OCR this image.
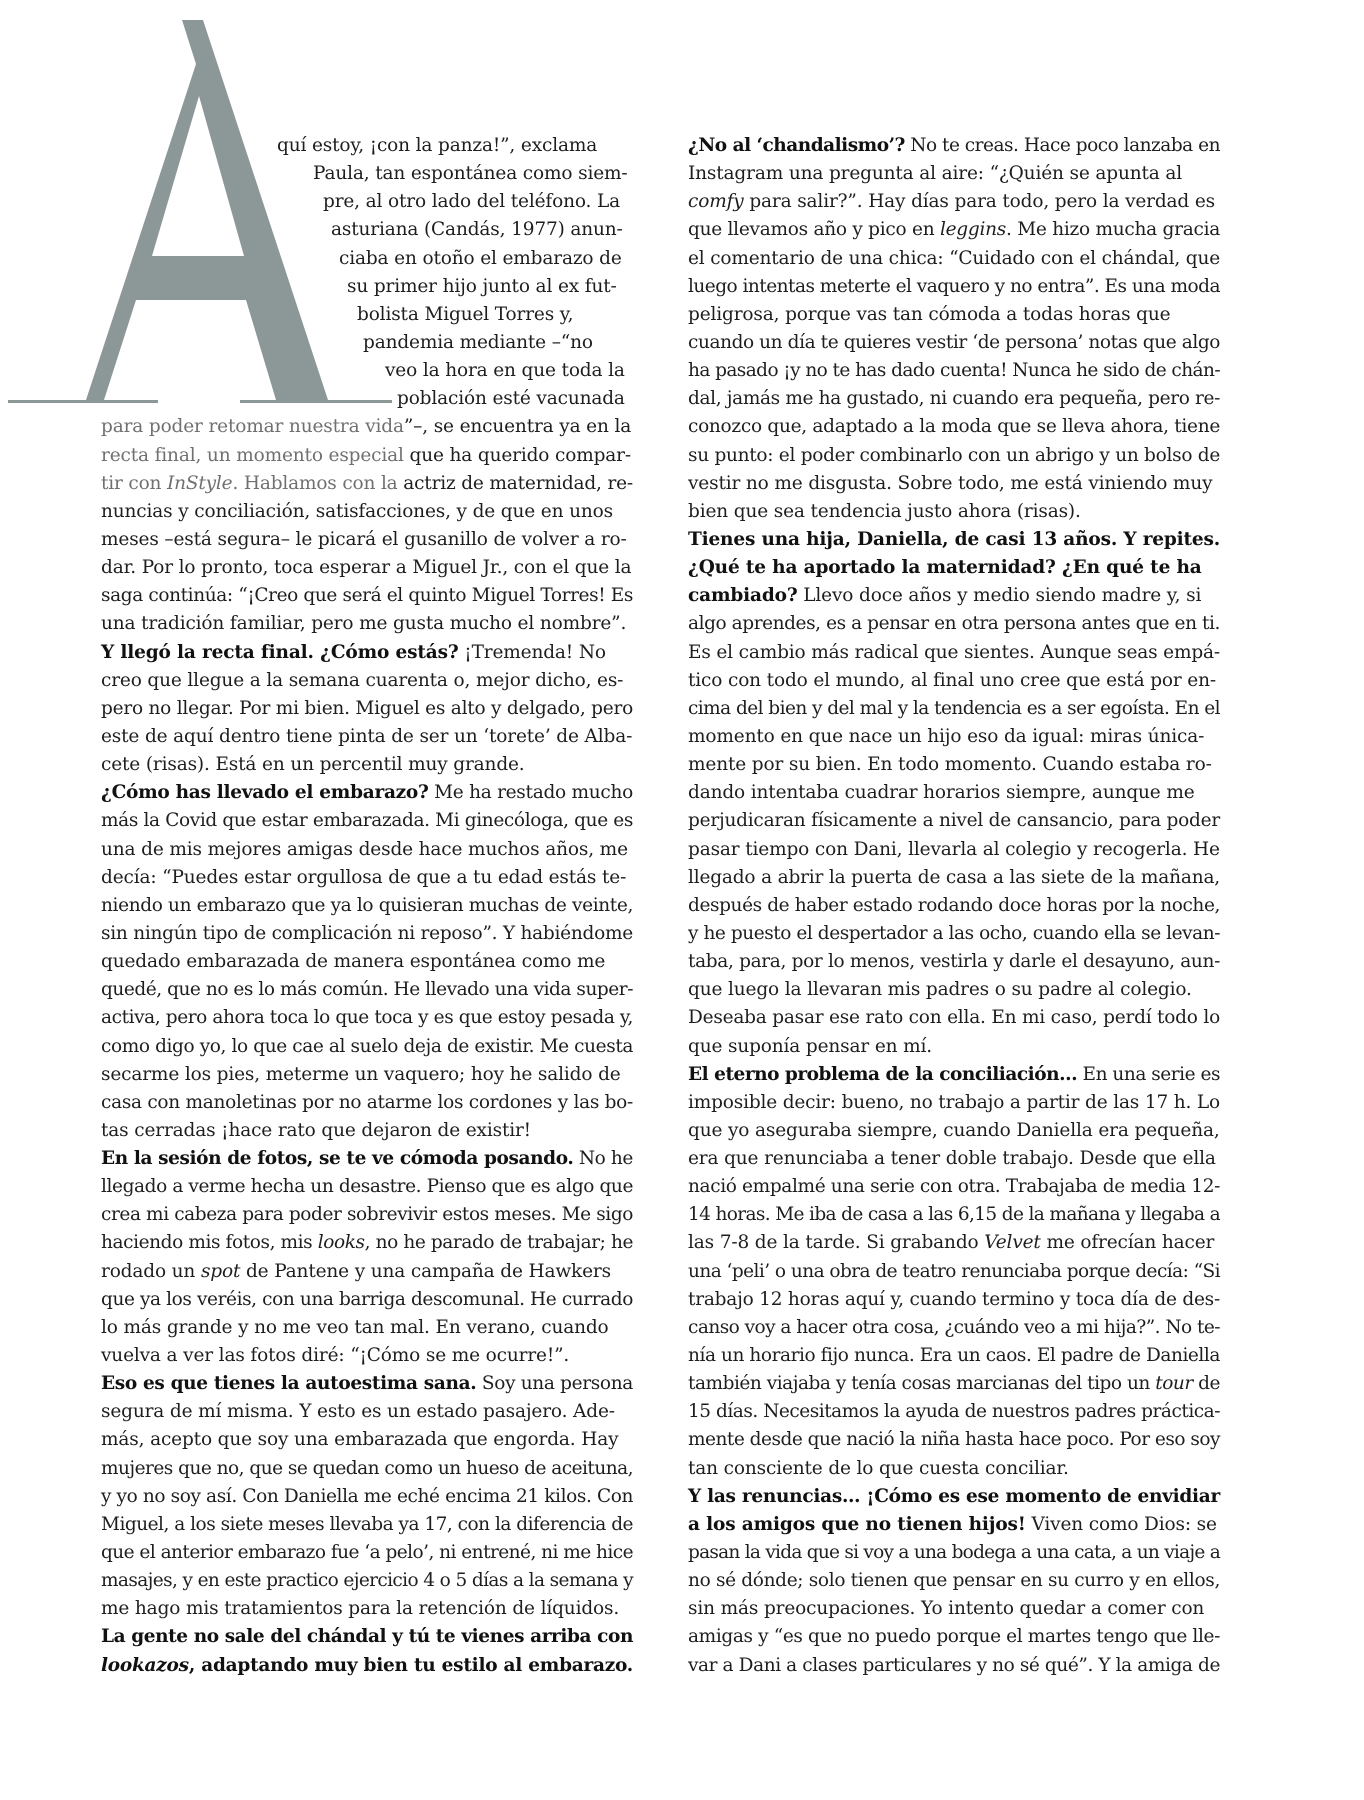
quí estoy, ¡con la panza!”, exclama
Paula, tan espontánea como siem-
pre, al otro lado del teléfono. La
asturiana (Candás, 1977) anun-
ciaba en otoño el embarazo de
su primer hijo junto al ex fut-
bolista Miguel Torres y,
pandemia mediante –“no
veo la hora en que toda la
población esté vacunada
para poder retomar nuestra vida”–, se encuentra ya en la
recta final, un momento especial que ha querido compar-
tir con InStyle. Hablamos con la actriz de maternidad, re-
nuncias y conciliación, satisfacciones, y de que en unos
meses –está segura– le picará el gusanillo de volver a ro-
dar. Por lo pronto, toca esperar a Miguel Jr., con el que la
saga continúa: “¡Creo que será el quinto Miguel Torres! Es
una tradición familiar, pero me gusta mucho el nombre”.
Y llegó la recta final. ¿Cómo estás? ¡Tremenda! No
creo que llegue a la semana cuarenta o, mejor dicho, es-
pero no llegar. Por mi bien. Miguel es alto y delgado, pero
este de aquí dentro tiene pinta de ser un ‘torete’ de Alba-
cete (risas). Está en un percentil muy grande.
¿Cómo has llevado el embarazo? Me ha restado mucho
más la Covid que estar embarazada. Mi ginecóloga, que es
una de mis mejores amigas desde hace muchos años, me
decía: “Puedes estar orgullosa de que a tu edad estás te-
niendo un embarazo que ya lo quisieran muchas de veinte,
sin ningún tipo de complicación ni reposo”. Y habiéndome
quedado embarazada de manera espontánea como me
quedé, que no es lo más común. He llevado una vida super-
activa, pero ahora toca lo que toca y es que estoy pesada y,
como digo yo, lo que cae al suelo deja de existir. Me cuesta
secarme los pies, meterme un vaquero; hoy he salido de
casa con manoletinas por no atarme los cordones y las bo-
tas cerradas ¡hace rato que dejaron de existir!
En la sesión de fotos, se te ve cómoda posando. No he
llegado a verme hecha un desastre. Pienso que es algo que
crea mi cabeza para poder sobrevivir estos meses. Me sigo
haciendo mis fotos, mis looks, no he parado de trabajar; he
rodado un spot de Pantene y una campaña de Hawkers
que ya los veréis, con una barriga descomunal. He currado
lo más grande y no me veo tan mal. En verano, cuando
vuelva a ver las fotos diré: “¡Cómo se me ocurre!”.
Eso es que tienes la autoestima sana. Soy una persona
segura de mí misma. Y esto es un estado pasajero. Ade-
más, acepto que soy una embarazada que engorda. Hay
mujeres que no, que se quedan como un hueso de aceituna,
y yo no soy así. Con Daniella me eché encima 21 kilos. Con
Miguel, a los siete meses llevaba ya 17, con la diferencia de
que el anterior embarazo fue ‘a pelo’, ni entrené, ni me hice
masajes, y en este practico ejercicio 4 o 5 días a la semana y
me hago mis tratamientos para la retención de líquidos.
La gente no sale del chándal y tú te vienes arriba con
lookazos, adaptando muy bien tu estilo al embarazo.
¿No al ‘chandalismo’? No te creas. Hace poco lanzaba en
Instagram una pregunta al aire: “¿Quién se apunta al
comfy para salir?”. Hay días para todo, pero la verdad es
que llevamos año y pico en leggins. Me hizo mucha gracia
el comentario de una chica: “Cuidado con el chándal, que
luego intentas meterte el vaquero y no entra”. Es una moda
peligrosa, porque vas tan cómoda a todas horas que
cuando un día te quieres vestir ‘de persona’ notas que algo
ha pasado ¡y no te has dado cuenta! Nunca he sido de chán-
dal, jamás me ha gustado, ni cuando era pequeña, pero re-
conozco que, adaptado a la moda que se lleva ahora, tiene
su punto: el poder combinarlo con un abrigo y un bolso de
vestir no me disgusta. Sobre todo, me está viniendo muy
bien que sea tendencia justo ahora (risas).
Tienes una hija, Daniella, de casi 13 años. Y repites.
¿Qué te ha aportado la maternidad? ¿En qué te ha
cambiado? Llevo doce años y medio siendo madre y, si
algo aprendes, es a pensar en otra persona antes que en ti.
Es el cambio más radical que sientes. Aunque seas empá-
tico con todo el mundo, al final uno cree que está por en-
cima del bien y del mal y la tendencia es a ser egoísta. En el
momento en que nace un hijo eso da igual: miras única-
mente por su bien. En todo momento. Cuando estaba ro-
dando intentaba cuadrar horarios siempre, aunque me
perjudicaran físicamente a nivel de cansancio, para poder
pasar tiempo con Dani, llevarla al colegio y recogerla. He
llegado a abrir la puerta de casa a las siete de la mañana,
después de haber estado rodando doce horas por la noche,
y he puesto el despertador a las ocho, cuando ella se levan-
taba, para, por lo menos, vestirla y darle el desayuno, aun-
que luego la llevaran mis padres o su padre al colegio.
Deseaba pasar ese rato con ella. En mi caso, perdí todo lo
que suponía pensar en mí.
El eterno problema de la conciliación… En una serie es
imposible decir: bueno, no trabajo a partir de las 17 h. Lo
que yo aseguraba siempre, cuando Daniella era pequeña,
era que renunciaba a tener doble trabajo. Desde que ella
nació empalmé una serie con otra. Trabajaba de media 12-
14 horas. Me iba de casa a las 6,15 de la mañana y llegaba a
las 7-8 de la tarde. Si grabando Velvet me ofrecían hacer
una ‘peli’ o una obra de teatro renunciaba porque decía: “Si
trabajo 12 horas aquí y, cuando termino y toca día de des-
canso voy a hacer otra cosa, ¿cuándo veo a mi hija?”. No te-
nía un horario fijo nunca. Era un caos. El padre de Daniella
también viajaba y tenía cosas marcianas del tipo un tour de
15 días. Necesitamos la ayuda de nuestros padres práctica-
mente desde que nació la niña hasta hace poco. Por eso soy
tan consciente de lo que cuesta conciliar.
Y las renuncias… ¡Cómo es ese momento de envidiar
a los amigos que no tienen hijos! Viven como Dios: se
pasan la vida que si voy a una bodega a una cata, a un viaje a
no sé dónde; solo tienen que pensar en su curro y en ellos,
sin más preocupaciones. Yo intento quedar a comer con
amigas y “es que no puedo porque el martes tengo que lle-
var a Dani a clases particulares y no sé qué”. Y la amiga de
